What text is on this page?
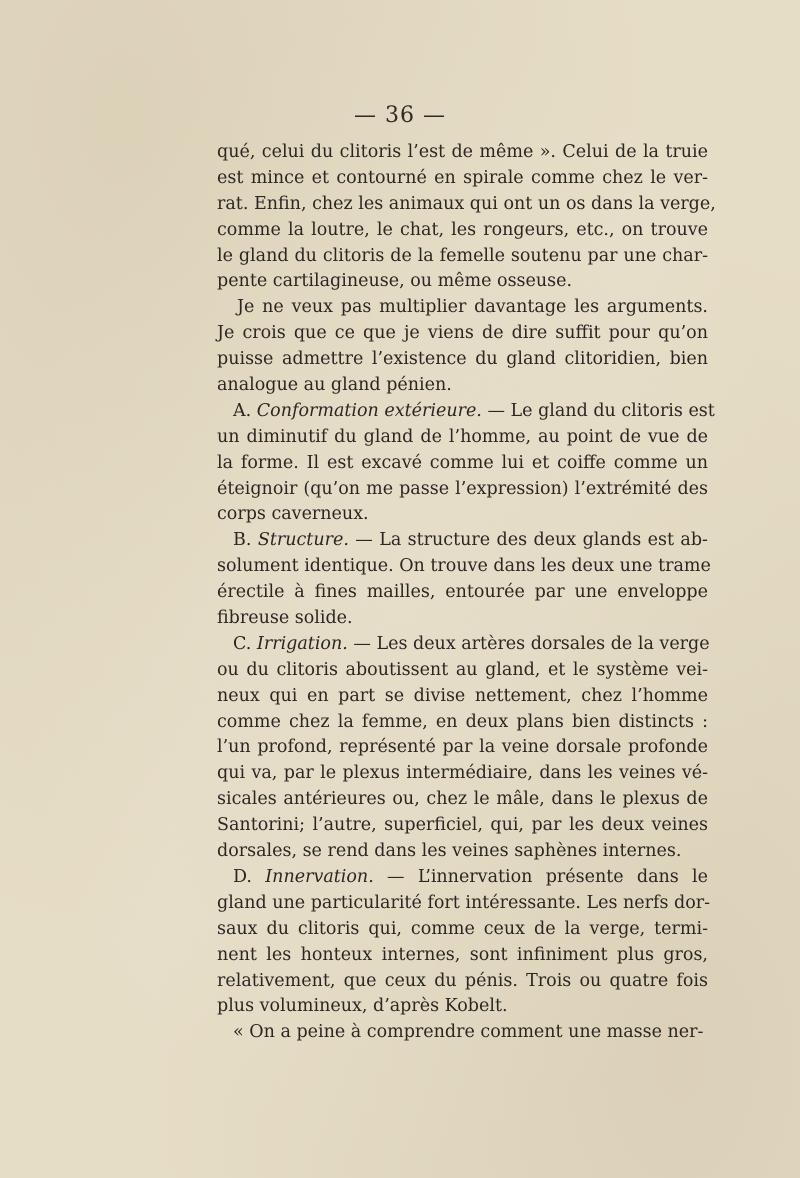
— 36 —
qué, celui du clitoris l’est de même ». Celui de la truie
est mince et contourné en spirale comme chez le ver-
rat. Enfin, chez les animaux qui ont un os dans la verge,
comme la loutre, le chat, les rongeurs, etc., on trouve
le gland du clitoris de la femelle soutenu par une char-
pente cartilagineuse, ou même osseuse.
Je ne veux pas multiplier davantage les arguments.
Je crois que ce que je viens de dire suffit pour qu’on
puisse admettre l’existence du gland clitoridien, bien
analogue au gland pénien.
A. Conformation extérieure. — Le gland du clitoris est
un diminutif du gland de l’homme, au point de vue de
la forme. Il est excavé comme lui et coiffe comme un
éteignoir (qu’on me passe l’expression) l’extrémité des
corps caverneux.
B. Structure. — La structure des deux glands est ab-
solument identique. On trouve dans les deux une trame
érectile à fines mailles, entourée par une enveloppe
fibreuse solide.
C. Irrigation. — Les deux artères dorsales de la verge
ou du clitoris aboutissent au gland, et le système vei-
neux qui en part se divise nettement, chez l’homme
comme chez la femme, en deux plans bien distincts :
l’un profond, représenté par la veine dorsale profonde
qui va, par le plexus intermédiaire, dans les veines vé-
sicales antérieures ou, chez le mâle, dans le plexus de
Santorini; l’autre, superficiel, qui, par les deux veines
dorsales, se rend dans les veines saphènes internes.
D. Innervation. — L’innervation présente dans le
gland une particularité fort intéressante. Les nerfs dor-
saux du clitoris qui, comme ceux de la verge, termi-
nent les honteux internes, sont infiniment plus gros,
relativement, que ceux du pénis. Trois ou quatre fois
plus volumineux, d’après Kobelt.
« On a peine à comprendre comment une masse ner-
